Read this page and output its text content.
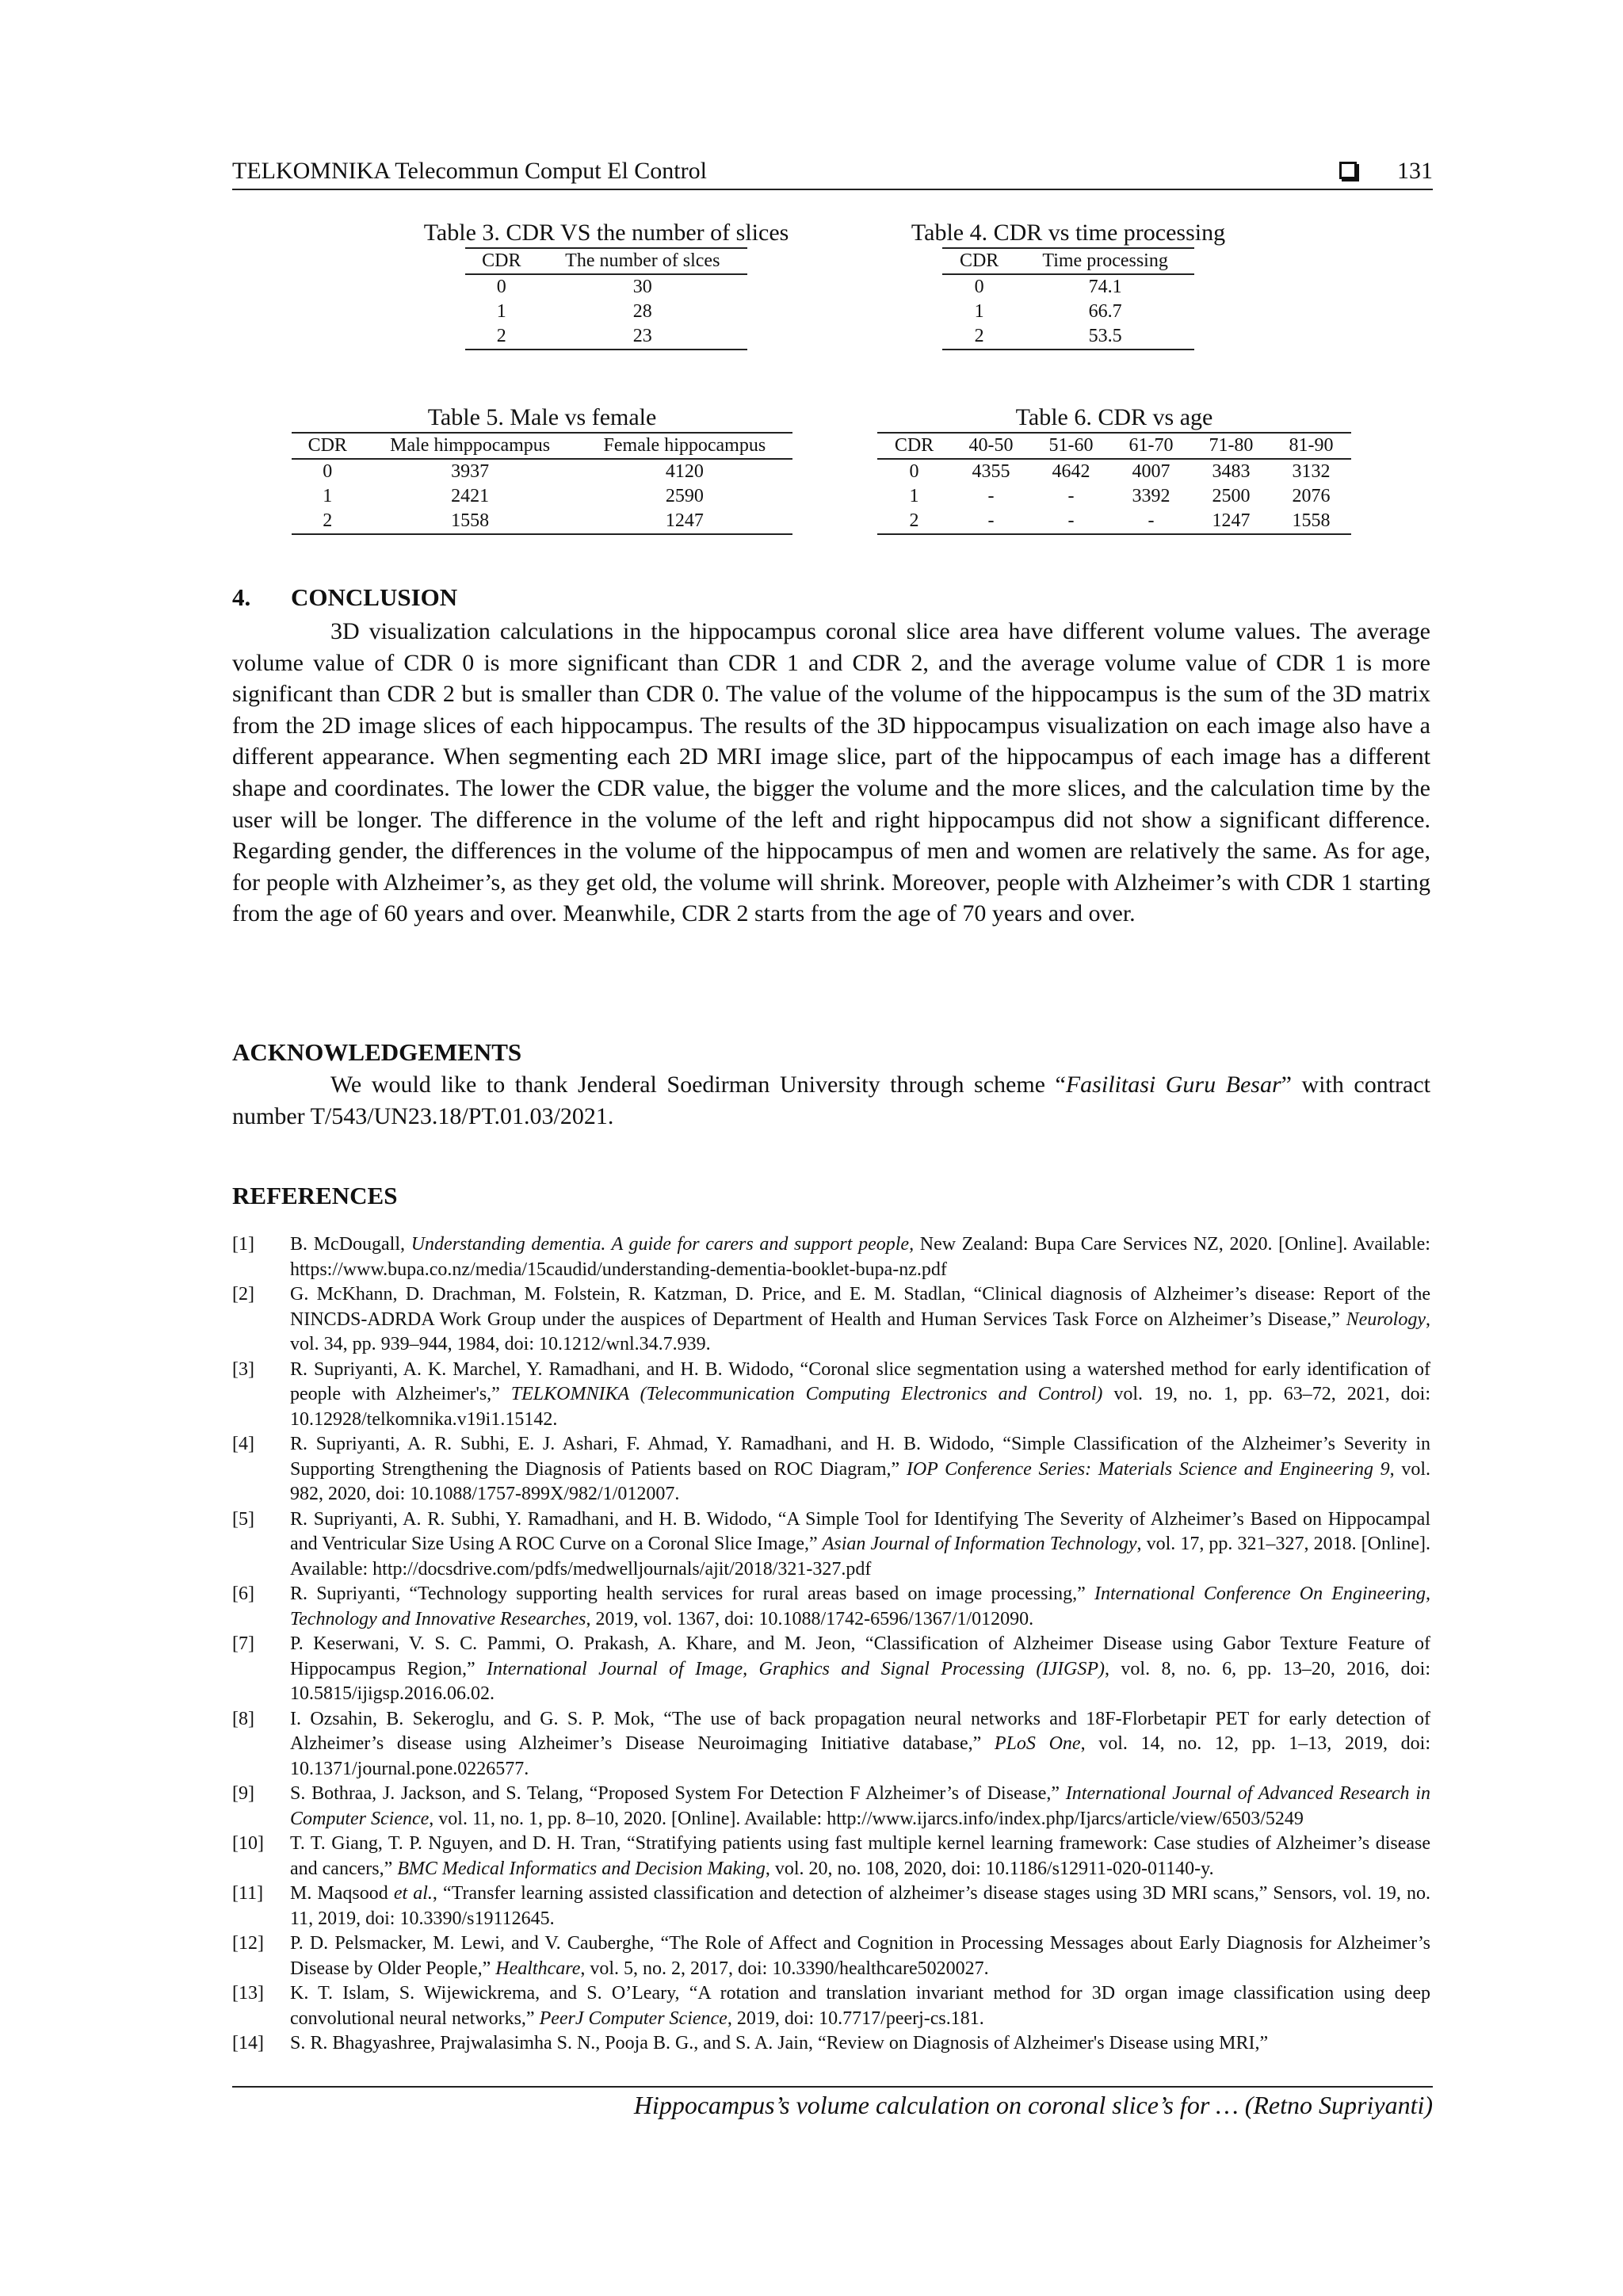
TELKOMNIKA Telecommun Comput El Control	131
Table 3. CDR VS the number of slices
CDR	The number of slces
0	30
1	28
2	23
Table 4. CDR vs time processing
CDR	Time processing
0	74.1
1	66.7
2	53.5
Table 5. Male vs female
CDR	Male himppocampus	Female hippocampus
0	3937	4120
1	2421	2590
2	1558	1247
Table 6. CDR vs age
CDR	40-50	51-60	61-70	71-80	81-90
0	4355	4642	4007	3483	3132
1	-	-	3392	2500	2076
2	-	-	-	1247	1558
4. CONCLUSION

3D visualization calculations in the hippocampus coronal slice area have different volume values. The average volume value of CDR 0 is more significant than CDR 1 and CDR 2, and the average volume value of CDR 1 is more significant than CDR 2 but is smaller than CDR 0. The value of the volume of the hippocampus is the sum of the 3D matrix from the 2D image slices of each hippocampus. The results of the 3D hippocampus visualization on each image also have a different appearance. When segmenting each 2D MRI image slice, part of the hippocampus of each image has a different shape and coordinates. The lower the CDR value, the bigger the volume and the more slices, and the calculation time by the user will be longer. The difference in the volume of the left and right hippocampus did not show a significant difference. Regarding gender, the differences in the volume of the hippocampus of men and women are relatively the same. As for age, for people with Alzheimer’s, as they get old, the volume will shrink. Moreover, people with Alzheimer’s with CDR 1 starting from the age of 60 years and over. Meanwhile, CDR 2 starts from the age of 70 years and over.

ACKNOWLEDGEMENTS

We would like to thank Jenderal Soedirman University through scheme “Fasilitasi Guru Besar” with contract number T/543/UN23.18/PT.01.03/2021.

REFERENCES
[1]	B. McDougall, Understanding dementia. A guide for carers and support people, New Zealand: Bupa Care Services NZ, 2020. [Online]. Available: https://www.bupa.co.nz/media/15caudid/understanding-dementia-booklet-bupa-nz.pdf
[2]	G. McKhann, D. Drachman, M. Folstein, R. Katzman, D. Price, and E. M. Stadlan, “Clinical diagnosis of Alzheimer’s disease: Report of the NINCDS-ADRDA Work Group under the auspices of Department of Health and Human Services Task Force on Alzheimer’s Disease,” Neurology, vol. 34, pp. 939–944, 1984, doi: 10.1212/wnl.34.7.939.
[3]	R. Supriyanti, A. K. Marchel, Y. Ramadhani, and H. B. Widodo, “Coronal slice segmentation using a watershed method for early identification of people with Alzheimer's,” TELKOMNIKA (Telecommunication Computing Electronics and Control) vol. 19, no. 1, pp. 63–72, 2021, doi: 10.12928/telkomnika.v19i1.15142.
[4]	R. Supriyanti, A. R. Subhi, E. J. Ashari, F. Ahmad, Y. Ramadhani, and H. B. Widodo, “Simple Classification of the Alzheimer’s Severity in Supporting Strengthening the Diagnosis of Patients based on ROC Diagram,” IOP Conference Series: Materials Science and Engineering 9, vol. 982, 2020, doi: 10.1088/1757-899X/982/1/012007.
[5]	R. Supriyanti, A. R. Subhi, Y. Ramadhani, and H. B. Widodo, “A Simple Tool for Identifying The Severity of Alzheimer’s Based on Hippocampal and Ventricular Size Using A ROC Curve on a Coronal Slice Image,” Asian Journal of Information Technology, vol. 17, pp. 321–327, 2018. [Online]. Available: http://docsdrive.com/pdfs/medwelljournals/ajit/2018/321-327.pdf
[6]	R. Supriyanti, “Technology supporting health services for rural areas based on image processing,” International Conference On Engineering, Technology and Innovative Researches, 2019, vol. 1367, doi: 10.1088/1742-6596/1367/1/012090.
[7]	P. Keserwani, V. S. C. Pammi, O. Prakash, A. Khare, and M. Jeon, “Classification of Alzheimer Disease using Gabor Texture Feature of Hippocampus Region,” International Journal of Image, Graphics and Signal Processing (IJIGSP), vol. 8, no. 6, pp. 13–20, 2016, doi: 10.5815/ijigsp.2016.06.02.
[8]	I. Ozsahin, B. Sekeroglu, and G. S. P. Mok, “The use of back propagation neural networks and 18F-Florbetapir PET for early detection of Alzheimer’s disease using Alzheimer’s Disease Neuroimaging Initiative database,” PLoS One, vol. 14, no. 12, pp. 1–13, 2019, doi: 10.1371/journal.pone.0226577.
[9]	S. Bothraa, J. Jackson, and S. Telang, “Proposed System For Detection F Alzheimer’s of Disease,” International Journal of Advanced Research in Computer Science, vol. 11, no. 1, pp. 8–10, 2020. [Online]. Available: http://www.ijarcs.info/index.php/Ijarcs/article/view/6503/5249
[10]	T. T. Giang, T. P. Nguyen, and D. H. Tran, “Stratifying patients using fast multiple kernel learning framework: Case studies of Alzheimer’s disease and cancers,” BMC Medical Informatics and Decision Making, vol. 20, no. 108, 2020, doi: 10.1186/s12911-020-01140-y.
[11]	M. Maqsood et al., “Transfer learning assisted classification and detection of alzheimer’s disease stages using 3D MRI scans,” Sensors, vol. 19, no. 11, 2019, doi: 10.3390/s19112645.
[12]	P. D. Pelsmacker, M. Lewi, and V. Cauberghe, “The Role of Affect and Cognition in Processing Messages about Early Diagnosis for Alzheimer’s Disease by Older People,” Healthcare, vol. 5, no. 2, 2017, doi: 10.3390/healthcare5020027.
[13]	K. T. Islam, S. Wijewickrema, and S. O’Leary, “A rotation and translation invariant method for 3D organ image classification using deep convolutional neural networks,” PeerJ Computer Science, 2019, doi: 10.7717/peerj-cs.181.
[14]	S. R. Bhagyashree, Prajwalasimha S. N., Pooja B. G., and S. A. Jain, “Review on Diagnosis of Alzheimer's Disease using MRI,”
Hippocampus’s volume calculation on coronal slice’s for … (Retno Supriyanti)
